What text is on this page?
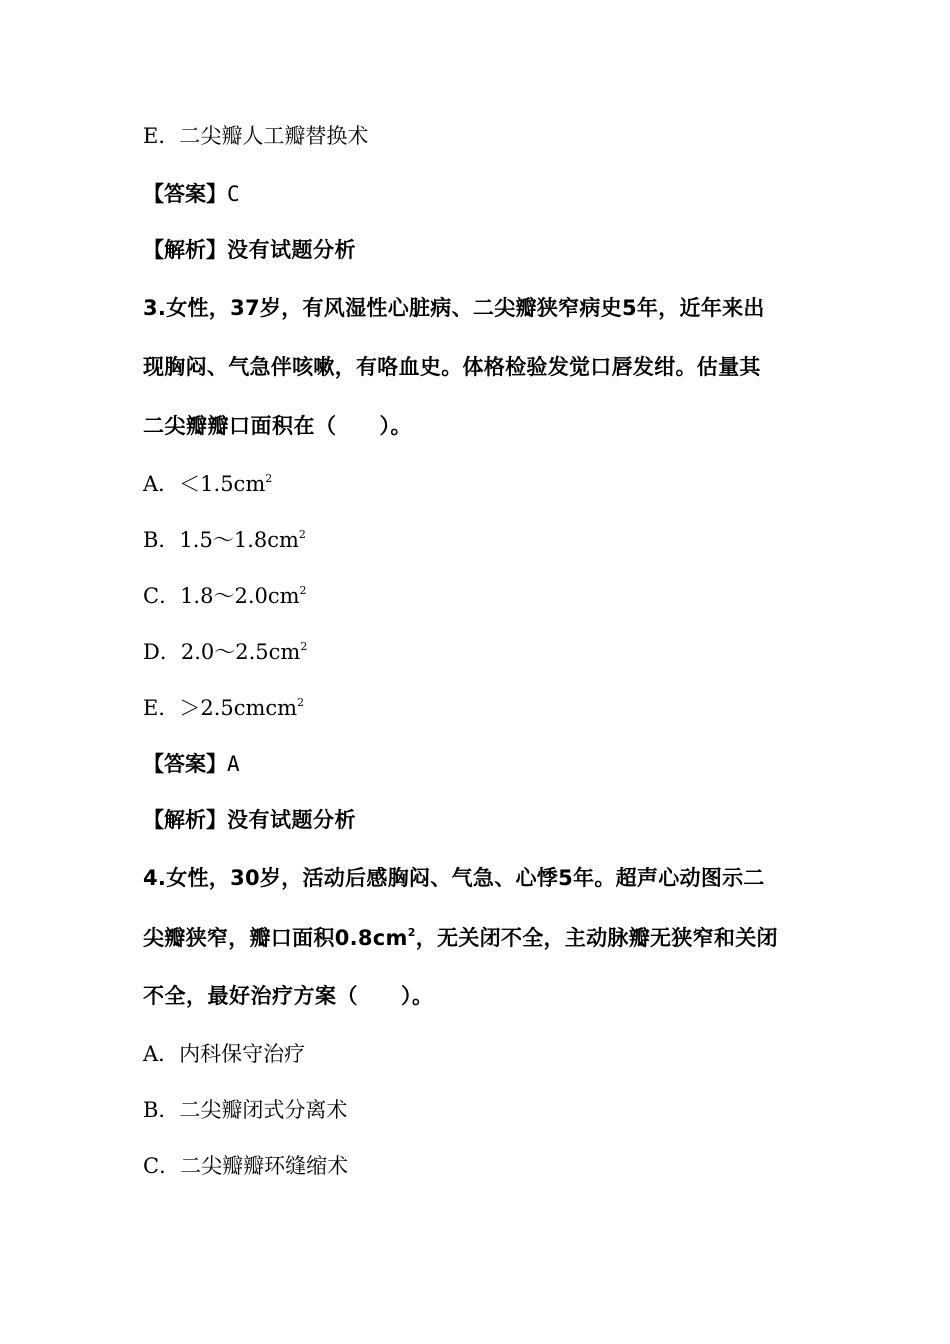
E．二尖瓣人工瓣替换术
【答案】C
【解析】没有试题分析
3.女性，37岁，有风湿性心脏病、二尖瓣狭窄病史5年，近年来出
现胸闷、气急伴咳嗽，有咯血史。体格检验发觉口唇发绀。估量其
二尖瓣瓣口面积在（　　）。
A．$<1.5cm^2$
B．$1.5\sim 1.8cm^2$
C．$1.8\sim 2.0cm^2$
D．$2.0\sim 2.5cm^2$
E．＞2.5cmcm$^2$
【答案】A
【解析】没有试题分析
4.女性，30岁，活动后感胸闷、气急、心悸5年。超声心动图示二
尖瓣狭窄，瓣口面积$0.8cm^2$，无关闭不全，主动脉瓣无狭窄和关闭
不全，最好治疗方案（　　）。
A．内科保守治疗
B．二尖瓣闭式分离术
C．二尖瓣瓣环缝缩术
